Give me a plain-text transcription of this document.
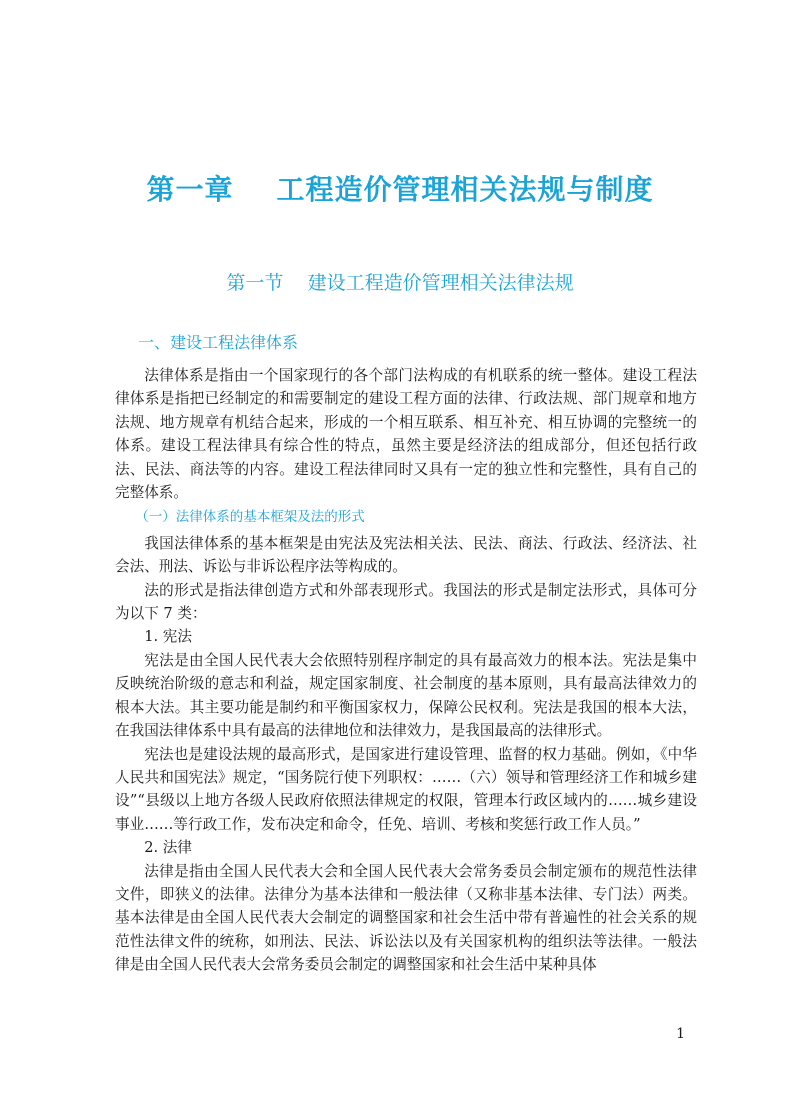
第一章    工程造价管理相关法规与制度
第一节    建设工程造价管理相关法律法规
一、建设工程法律体系

法律体系是指由一个国家现行的各个部门法构成的有机联系的统一整体。建设工程法律体系是指把已经制定的和需要制定的建设工程方面的法律、行政法规、部门规章和地方法规、地方规章有机结合起来，形成的一个相互联系、相互补充、相互协调的完整统一的体系。建设工程法律具有综合性的特点，虽然主要是经济法的组成部分，但还包括行政法、民法、商法等的内容。建设工程法律同时又具有一定的独立性和完整性，具有自己的完整体系。

（一）法律体系的基本框架及法的形式

我国法律体系的基本框架是由宪法及宪法相关法、民法、商法、行政法、经济法、社会法、刑法、诉讼与非诉讼程序法等构成的。

法的形式是指法律创造方式和外部表现形式。我国法的形式是制定法形式，具体可分为以下 7 类：

1. 宪法

宪法是由全国人民代表大会依照特别程序制定的具有最高效力的根本法。宪法是集中反映统治阶级的意志和利益，规定国家制度、社会制度的基本原则，具有最高法律效力的根本大法。其主要功能是制约和平衡国家权力，保障公民权利。宪法是我国的根本大法，在我国法律体系中具有最高的法律地位和法律效力，是我国最高的法律形式。

宪法也是建设法规的最高形式，是国家进行建设管理、监督的权力基础。例如，《中华人民共和国宪法》规定，“国务院行使下列职权：……（六）领导和管理经济工作和城乡建设”“县级以上地方各级人民政府依照法律规定的权限，管理本行政区域内的……城乡建设事业……等行政工作，发布决定和命令，任免、培训、考核和奖惩行政工作人员。”

2. 法律

法律是指由全国人民代表大会和全国人民代表大会常务委员会制定颁布的规范性法律文件，即狭义的法律。法律分为基本法律和一般法律（又称非基本法律、专门法）两类。基本法律是由全国人民代表大会制定的调整国家和社会生活中带有普遍性的社会关系的规范性法律文件的统称，如刑法、民法、诉讼法以及有关国家机构的组织法等法律。一般法律是由全国人民代表大会常务委员会制定的调整国家和社会生活中某种具体

1
